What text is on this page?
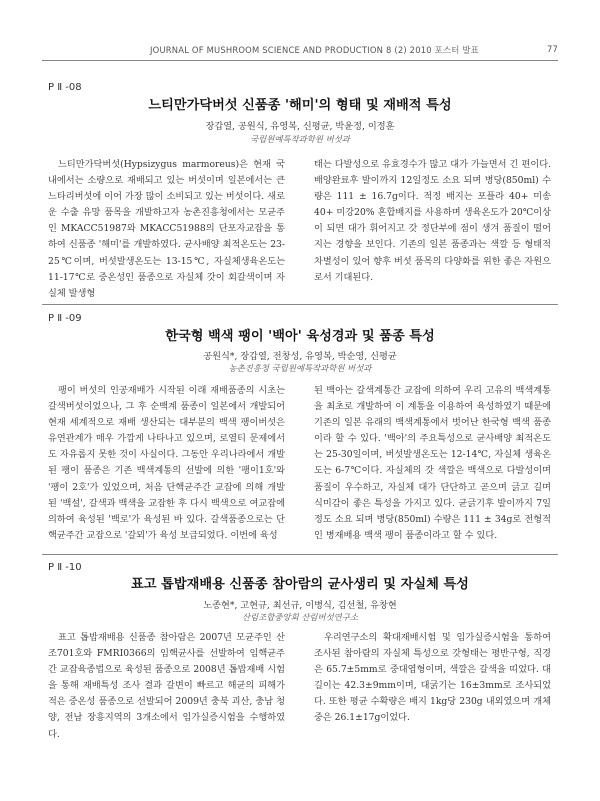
JOURNAL OF MUSHROOM SCIENCE AND PRODUCTION 8 (2) 2010 포스터 발표	77
P Ⅱ -08
느티만가닥버섯 신품종 '해미'의 형태 및 재배적 특성
장갑열, 공원식, 유영복, 신평균, 박윤정, 이정훈
국립원예특작과학원 버섯과

느티만가닥버섯(Hypsizygus marmoreus)은 현재 국내에서는 소량으로 재배되고 있는 버섯이며 일본에서는 큰느타리버섯에 이어 가장 많이 소비되고 있는 버섯이다. 새로운 수출 유망 품목을 개발하고자 농촌진흥청에서는 모균주인 MKACC51987와 MKACC51988의 단포자교잡을 통하여 신품종 '해미'를 개발하였다. 균사배양 최적온도는 23-25℃이며, 버섯발생온도는 13-15℃, 자실체생육온도는 11-17℃로 중온성인 품종으로 자실체 갓이 회갈색이며 자실체 발생형

태는 다발성으로 유효경수가 많고 대가 가늘면서 긴 편이다. 배양완료후 발이까지 12일정도 소요 되며 병당(850ml) 수량은 111 ± 16.7g이다. 적정 배지는 포플라 40+ 미송 40+ 미강20% 혼합배지를 사용하며 생육온도가 20℃이상이 되면 대가 휘어지고 갓 정단부에 점이 생겨 품질이 떨어지는 경향을 보인다. 기존의 일본 품종과는 색깔 등 형태적 차별성이 있어 향후 버섯 품목의 다양화를 위한 좋은 자원으로서 기대된다.

P Ⅱ -09
한국형 백색 팽이 '백아' 육성경과 및 품종 특성
공원식*, 장갑열, 전창성, 유영복, 박순영, 신평균
농촌진흥청 국립원예특작과학원 버섯과

팽이 버섯의 인공재배가 시작된 이래 재배품종의 시초는 갈색버섯이었으나, 그 후 순백계 품종이 일본에서 개발되어 현재 세계적으로 재배 생산되는 대부분의 백색 팽이버섯은 유연관계가 매우 가깝게 나타나고 있으며, 로열티 문제에서도 자유롭지 못한 것이 사실이다. 그동안 우리나라에서 개발된 팽이 품종은 기존 백색계통의 선발에 의한 '팽이1호'와 '팽이 2호'가 있었으며, 처음 단핵균주간 교잡에 의해 개발된 '백설', 갈색과 백색을 교잡한 후 다시 백색으로 여교잡에 의하여 육성된 '백로'가 육성된 바 있다. 갈색품종으로는 단핵균주간 교잡으로 '갈뫼'가 육성 보급되었다. 이번에 육성

된 백아는 갈색계통간 교잡에 의하여 우리 고유의 백색계통을 최초로 개발하여 이 계통을 이용하여 육성하였기 때문에 기존의 일본 유래의 백색계통에서 벗어난 한국형 백색 품종이라 할 수 있다. '백아'의 주요특성으로 균사배양 최적온도는 25-30일이며, 버섯발생온도는 12-14℃, 자실체 생육온도는 6-7℃이다. 자실체의 갓 색깔은 백색으로 다발성이며 품질이 우수하고, 자실체 대가 단단하고 곧으며 긁고 길며 식미감이 좋은 특성을 가지고 있다. 균긁기후 발이까지 7일정도 소요 되며 병당(850ml) 수량은 111 ± 34g로 전형적인 병재배용 백색 팽이 품종이라고 할 수 있다.

P Ⅱ -10
표고 톱밥재배용 신품종 참아람의 균사생리 및 자실체 특성
노종현*, 고현규, 최선규, 이병식, 김선철, 유창현
산림조합중앙회 산림버섯연구소

표고 톱밥재배용 신품종 참아람은 2007년 모균주인 산조701호와 FMRI0366의 임핵균사를 선발하여 임핵균주간 교잡육종법으로 육성된 품종으로 2008년 톱밥재배 시험을 통해 재배특성 조사 결과 갈변이 빠르고 해균의 피해가 적은 중온성 품종으로 선발되어 2009년 충북 괴산, 충남 청양, 전남 장흥지역의 3개소에서 임가실증시험을 수행하였다.

우리연구소의 확대재배시험 및 임가실증시험을 통하여 조사된 참아람의 자실체 특성으로 갓형태는 평반구형, 직경은 65.7±5mm로 중대엽형이며, 색깔은 갈색을 띠었다. 대길이는 42.3±9mm이며, 대굵기는 16±3mm로 조사되었다. 또한 평균 수확량은 배지 1kg당 230g 내외였으며 개체중은 26.1±17g이었다.
